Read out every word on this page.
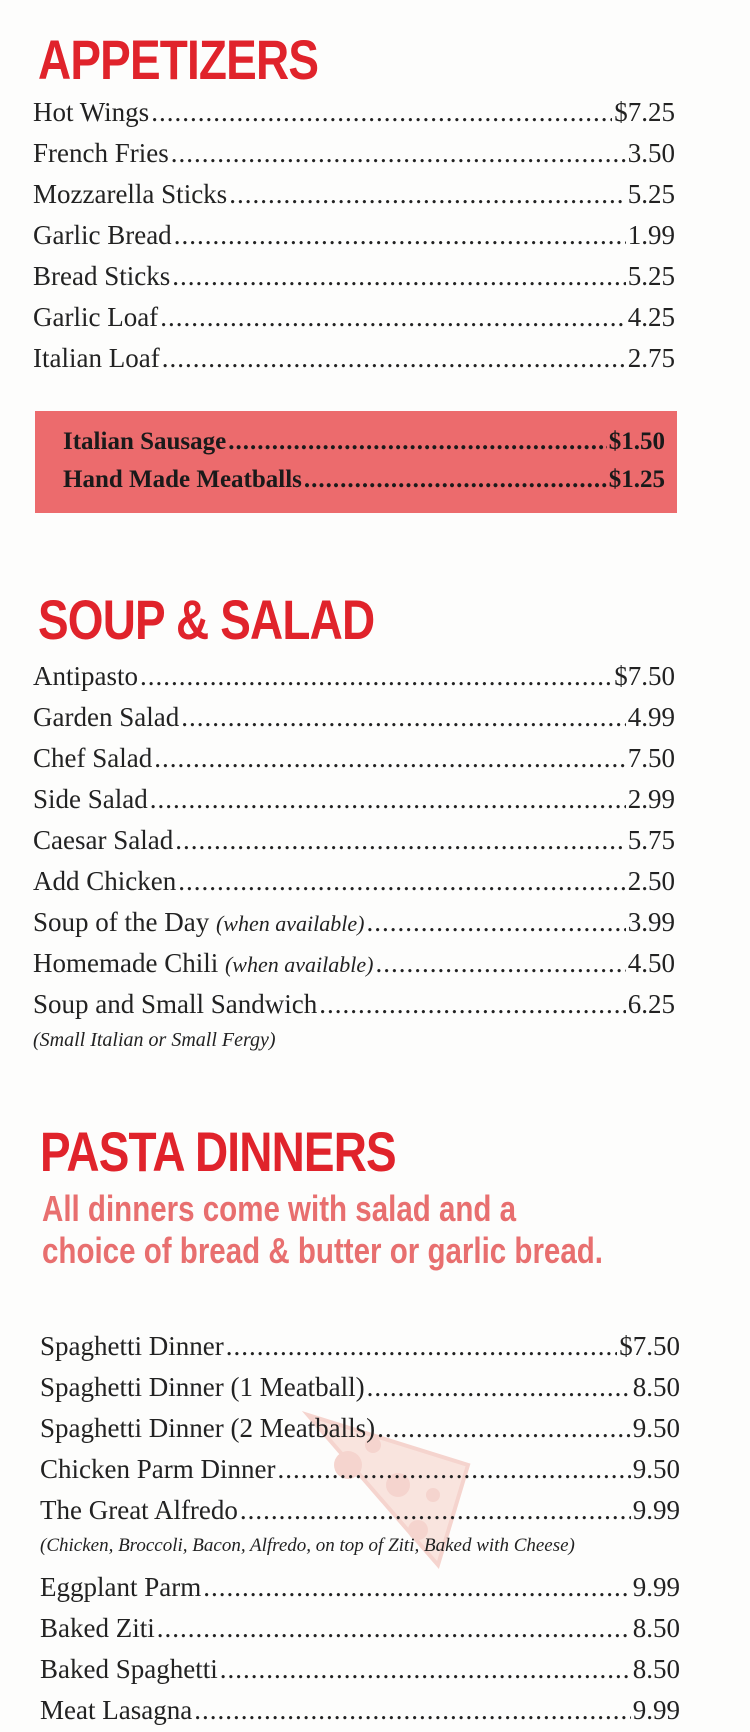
APPETIZERS
Hot Wings .....	$7.25
French Fries .....	3.50
Mozzarella Sticks .....	5.25
Garlic Bread .....	1.99
Bread Sticks .....	5.25
Garlic Loaf .....	4.25
Italian Loaf .....	2.75
Italian Sausage .....	$1.50
Hand Made Meatballs .....	$1.25
SOUP & SALAD
Antipasto .....	$7.50
Garden Salad .....	4.99
Chef Salad .....	7.50
Side Salad .....	2.99
Caesar Salad .....	5.75
Add Chicken .....	2.50
Soup of the Day (when available) .....	3.99
Homemade Chili (when available) .....	4.50
Soup and Small Sandwich .....	6.25
(Small Italian or Small Fergy)
PASTA DINNERS
All dinners come with salad and a
choice of bread & butter or garlic bread.
Spaghetti Dinner .....	$7.50
Spaghetti Dinner (1 Meatball) .....	8.50
Spaghetti Dinner (2 Meatballs) .....	9.50
Chicken Parm Dinner .....	9.50
The Great Alfredo .....	9.99
(Chicken, Broccoli, Bacon, Alfredo, on top of Ziti, Baked with Cheese)
Eggplant Parm .....	9.99
Baked Ziti .....	8.50
Baked Spaghetti .....	8.50
Meat Lasagna .....	9.99
